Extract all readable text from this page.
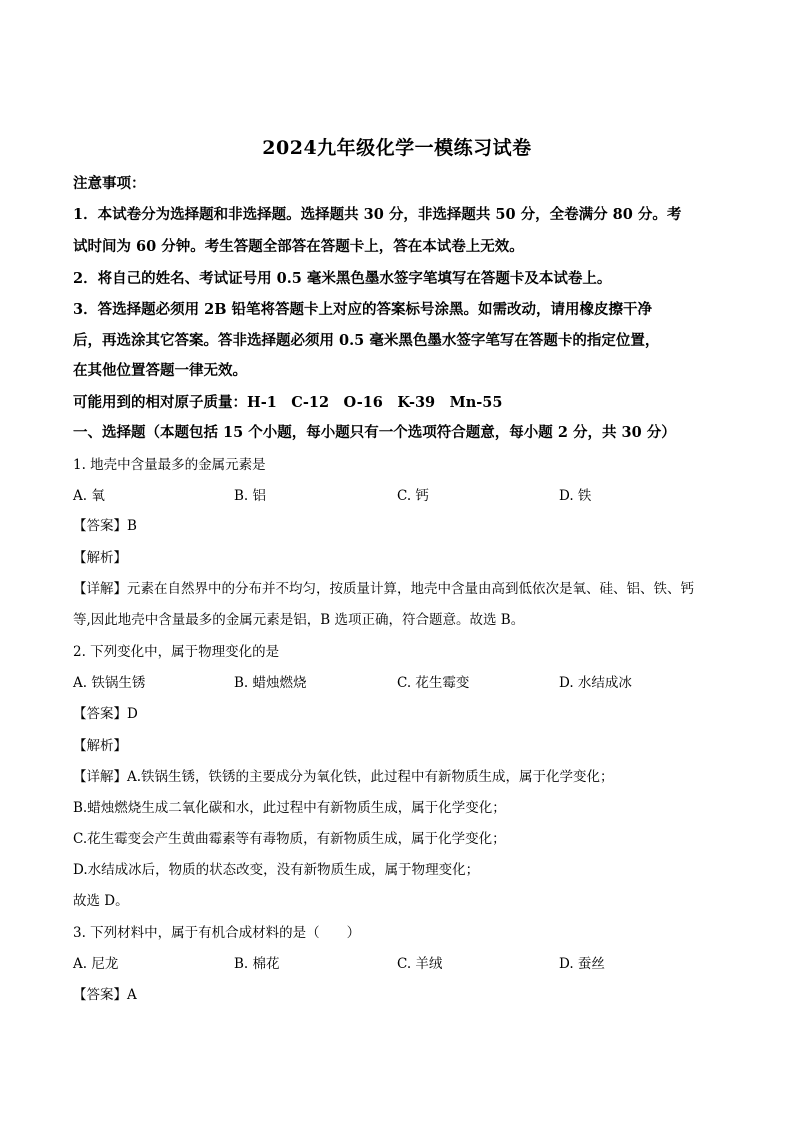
2024九年级化学一模练习试卷
注意事项：
1．本试卷分为选择题和非选择题。选择题共 30 分，非选择题共 50 分，全卷满分 80 分。考
试时间为 60 分钟。考生答题全部答在答题卡上，答在本试卷上无效。
2．将自己的姓名、考试证号用 0.5 毫米黑色墨水签字笔填写在答题卡及本试卷上。
3．答选择题必须用 2B 铅笔将答题卡上对应的答案标号涂黑。如需改动，请用橡皮擦干净
后，再选涂其它答案。答非选择题必须用 0.5 毫米黑色墨水签字笔写在答题卡的指定位置，
在其他位置答题一律无效。
可能用到的相对原子质量：H-1　C-12　O-16　K-39　Mn-55
一、选择题（本题包括 15 个小题，每小题只有一个选项符合题意，每小题 2 分，共 30 分）
1. 地壳中含量最多的金属元素是
A. 氧	B. 铝	C. 钙	D. 铁
【答案】B
【解析】
【详解】元素在自然界中的分布并不均匀，按质量计算，地壳中含量由高到低依次是氧、硅、铝、铁、钙
等,因此地壳中含量最多的金属元素是铝，B 选项正确，符合题意。故选 B。
2. 下列变化中，属于物理变化的是
A. 铁锅生锈	B. 蜡烛燃烧	C. 花生霉变	D. 水结成冰
【答案】D
【解析】
【详解】A.铁锅生锈，铁锈的主要成分为氧化铁，此过程中有新物质生成，属于化学变化；
B.蜡烛燃烧生成二氧化碳和水，此过程中有新物质生成，属于化学变化；
C.花生霉变会产生黄曲霉素等有毒物质，有新物质生成，属于化学变化；
D.水结成冰后，物质的状态改变，没有新物质生成，属于物理变化；
故选 D。
3. 下列材料中，属于有机合成材料的是（　　）
A. 尼龙	B. 棉花	C. 羊绒	D. 蚕丝
【答案】A
